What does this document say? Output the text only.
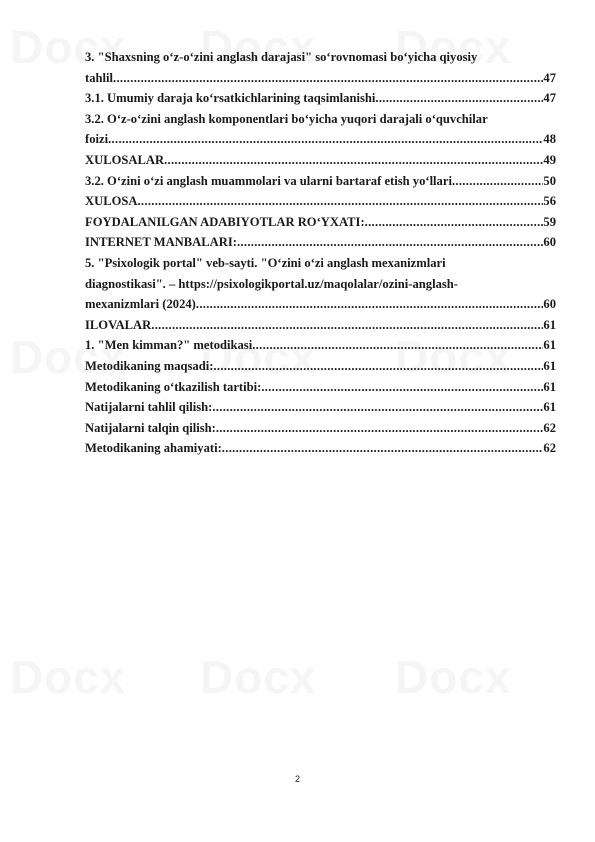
3. "Shaxsning o‘z-o‘zini anglash darajasi" so‘rovnomasi bo‘yicha qiyosiy
tahlil .....	47
3.1. Umumiy daraja ko‘rsatkichlarining taqsimlanishi .....	47
3.2. O‘z-o‘zini anglash komponentlari bo‘yicha yuqori darajali o‘quvchilar
foizi .....	48
XULOSALAR .....	49
3.2. O‘zini o‘zi anglash muammolari va ularni bartaraf etish yo‘llari .....	50
XULOSA .....	56
FOYDALANILGAN ADABIYOTLAR RO‘YXATI: .....	59
INTERNET MANBALARI: .....	60
5. "Psixologik portal" veb-sayti. "O‘zini o‘zi anglash mexanizmlari
diagnostikasi". – https://psixologikportal.uz/maqolalar/ozini-anglash-
mexanizmlari (2024) .....	60
ILOVALAR .....	61
1. "Men kimman?" metodikasi .....	61
Metodikaning maqsadi: .....	61
Metodikaning o‘tkazilish tartibi: .....	61
Natijalarni tahlil qilish: .....	61
Natijalarni talqin qilish: .....	62
Metodikaning ahamiyati: .....	62
2
